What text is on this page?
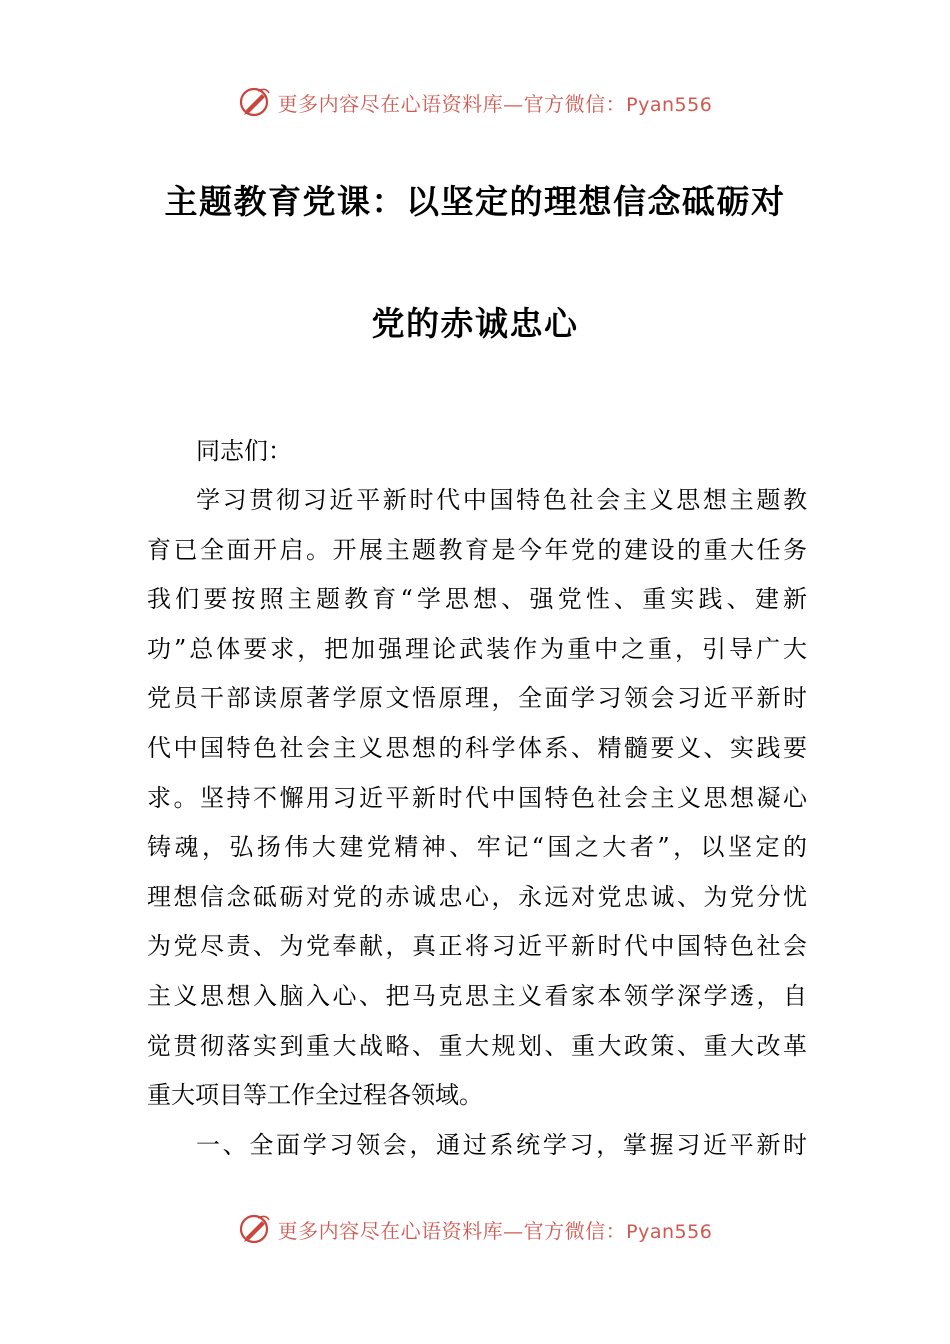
更多内容尽在心语资料库—官方微信：Pyan556
主题教育党课：以坚定的理想信念砥砺对
党的赤诚忠心
同志们：
学习贯彻习近平新时代中国特色社会主义思想主题教
育已全面开启。开展主题教育是今年党的建设的重大任务
我们要按照主题教育“学思想、强党性、重实践、建新
功”总体要求，把加强理论武装作为重中之重，引导广大
党员干部读原著学原文悟原理，全面学习领会习近平新时
代中国特色社会主义思想的科学体系、精髓要义、实践要
求。坚持不懈用习近平新时代中国特色社会主义思想凝心
铸魂，弘扬伟大建党精神、牢记“国之大者”，以坚定的
理想信念砥砺对党的赤诚忠心，永远对党忠诚、为党分忧
为党尽责、为党奉献，真正将习近平新时代中国特色社会
主义思想入脑入心、把马克思主义看家本领学深学透，自
觉贯彻落实到重大战略、重大规划、重大政策、重大改革
重大项目等工作全过程各领域。
一、全面学习领会，通过系统学习，掌握习近平新时
更多内容尽在心语资料库—官方微信：Pyan556
